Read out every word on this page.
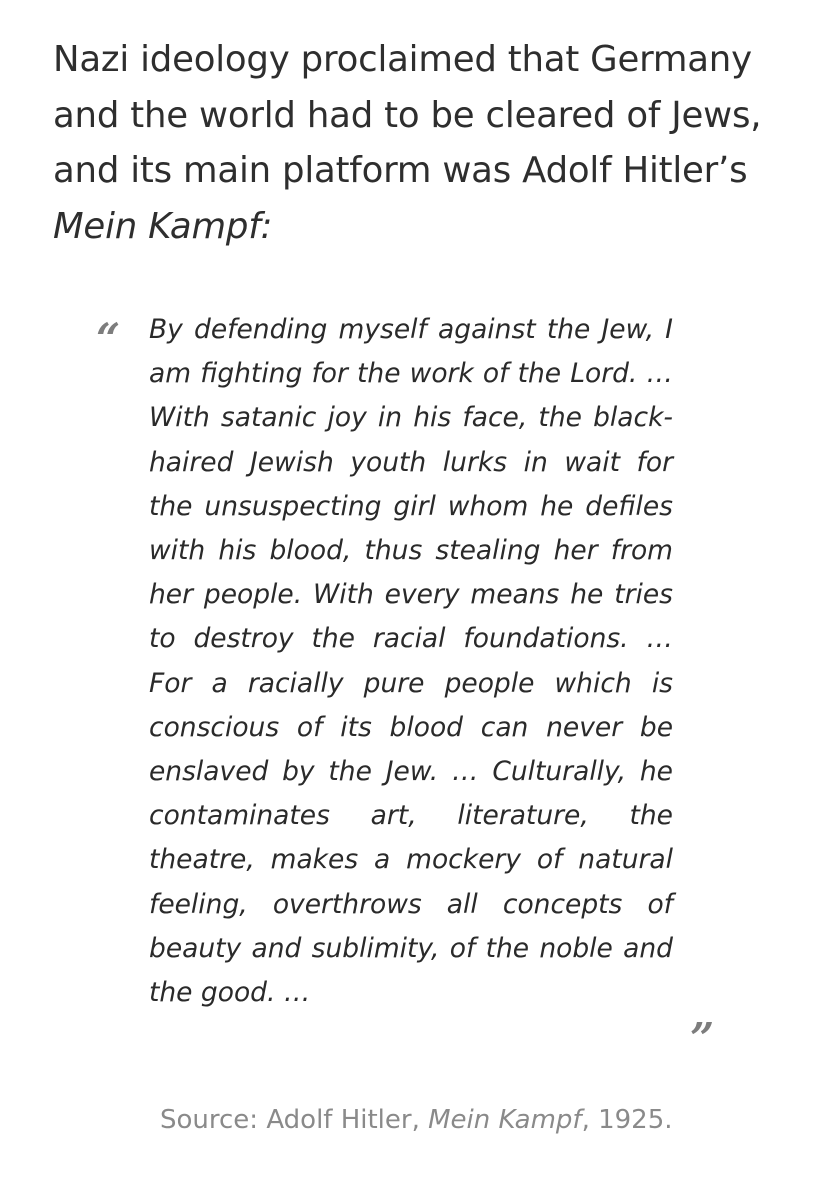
Nazi ideology proclaimed that Germany and the world had to be cleared of Jews, and its main platform was Adolf Hitler’s Mein Kampf:
“ By defending myself against the Jew, I am fighting for the work of the Lord. … With satanic joy in his face, the black-haired Jewish youth lurks in wait for the unsuspecting girl whom he defiles with his blood, thus stealing her from her people. With every means he tries to destroy the racial foundations. … For a racially pure people which is conscious of its blood can never be enslaved by the Jew. … Culturally, he contaminates art, literature, the theatre, makes a mockery of natural feeling, overthrows all concepts of beauty and sublimity, of the noble and the good. …
”
Source: Adolf Hitler, Mein Kampf, 1925.
